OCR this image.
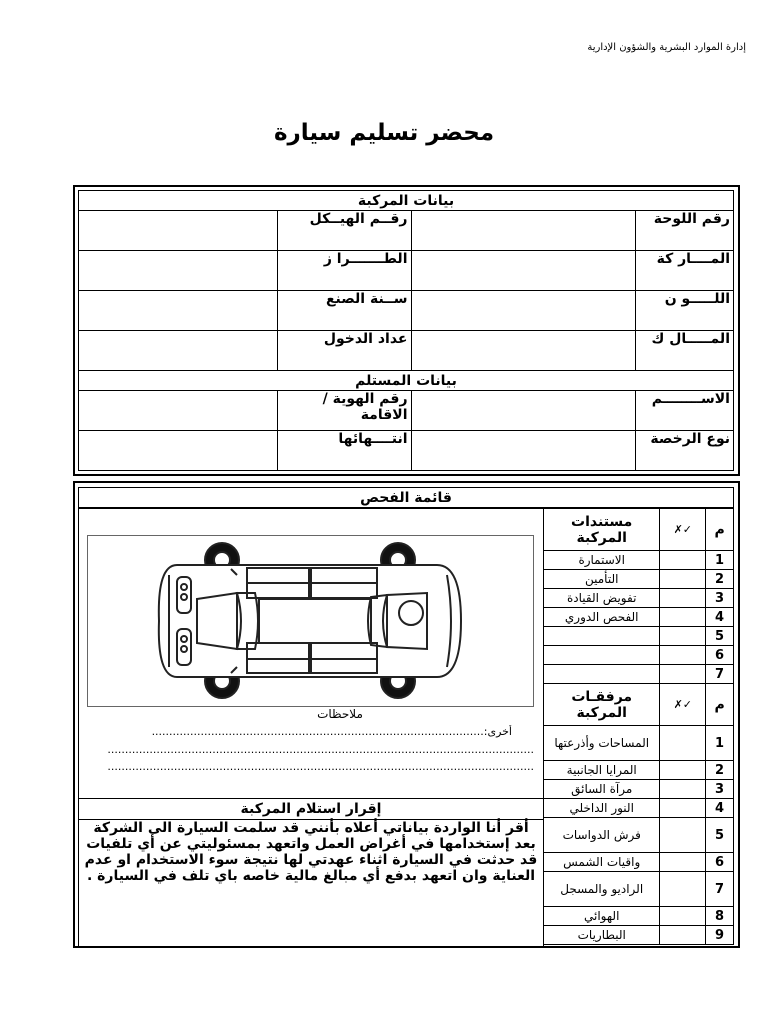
إدارة الموارد البشرية والشؤون الإدارية
محضر تسليم سيارة
بيانات المركبة			
رقم اللوحة		رقــم الهيــكل	
المــــار كة		الطـــــــرا ز	
اللـــــو ن		ســنة الصنع	
المـــــال ك		عداد الدخول	
بيانات المستلم			
الاســــــــم		رقم الهوية / الاقامة	
نوع الرخصة		انتــــهائها	
قائمة الفحص
م	✓✗	مستندات المركبة
1		الاستمارة
2		التأمين
3		تفويض القيادة
4		الفحص الدوري
5		
6		
7		
م	✓✗	مرفقـات المركبة
1		المساحات وأذرعتها
2		المرايا الجانبية
3		مرآة السائق
4		النور الداخلي
5		فرش الدواسات
6		واقيات الشمس
7		الراديو والمسجل
8		الهوائي
9		البطاريات
ملاحظات
أخرى:...............................................................................................
..........................................................................................................................
..........................................................................................................................
إقرار استلام المركبة
أقر أنا الواردة بياناتي أعلاه بأنني قد سلمت السيارة الى الشركة بعد إستخدامها في أغراض العمل واتعهد بمسئوليتي عن أي تلفيات قد حدثت في السيارة اثناء عهدتي لها نتيجة سوء الاستخدام او عدم العناية وان اتعهد بدفع أي مبالغ مالية خاصه باي تلف في السيارة .
